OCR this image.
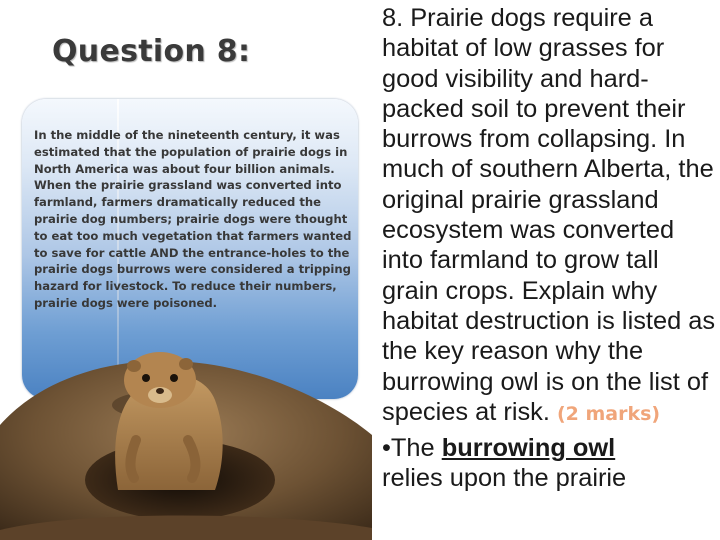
Question 8:

In the middle of the nineteenth century, it was estimated that the population of prairie dogs in North America was about four billion animals. When the prairie grassland was converted into farmland, farmers dramatically reduced the prairie dog numbers; prairie dogs were thought to eat too much vegetation that farmers wanted to save for cattle AND the entrance-holes to the prairie dogs burrows were considered a tripping hazard for livestock. To reduce their numbers, prairie dogs were poisoned.

8. Prairie dogs require a habitat of low grasses for good visibility and hard-packed soil to prevent their burrows from collapsing. In much of southern Alberta, the original prairie grassland ecosystem was converted into farmland to grow tall grain crops. Explain why habitat destruction is listed as the key reason why the burrowing owl is on the list of species at risk. (2 marks)
•The burrowing owl
relies upon the prairie
